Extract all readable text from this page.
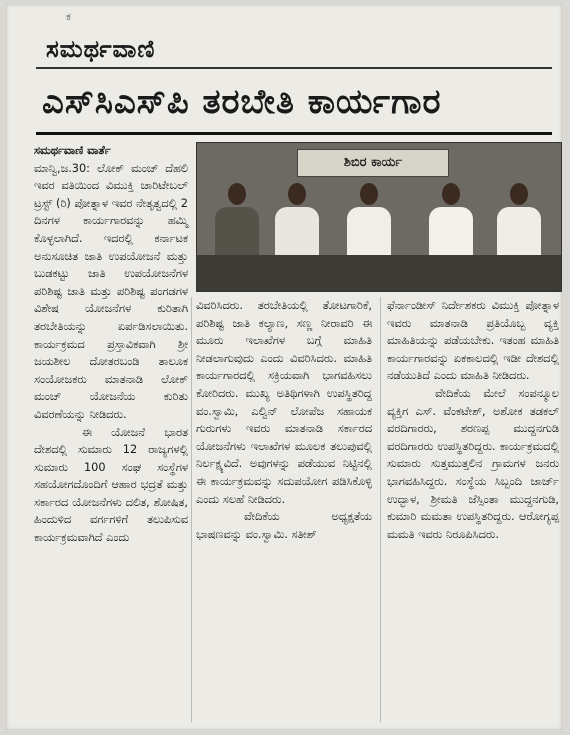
ಕ
ಸಮರ್ಥವಾಣಿ
ಎಸ್‌ಸಿಎಸ್‌ಪಿ ತರಬೇತಿ ಕಾರ್ಯಗಾರ

ಸಮರ್ಥವಾಣಿ ವಾರ್ತೆ

ಮಾನ್ವಿ,ಜ.30: ಲೋಕ್ ಮಂಚ್ ದೆಹಲಿ ಇವರ ವತಿಯಿಂದ ವಿಮುಕ್ತಿ ಚಾರಿಟೇಬಲ್ ಟ್ರಸ್ಟ್ (ರಿ) ಪೋತ್ನಾಳ ಇವರ ನೇತೃತ್ವದಲ್ಲಿ 2 ದಿನಗಳ ಕಾರ್ಯಗಾರವನ್ನು ಹಮ್ಮಿ ಕೊಳ್ಳಲಾಗಿದೆ. ಇದರಲ್ಲಿ ಕರ್ನಾಟಕ ಅನುಸೂಚಿತ ಜಾತಿ ಉಪಯೋಜನೆ ಮತ್ತು ಬುಡಕಟ್ಟು ಜಾತಿ ಉಪಯೋಜನೆಗಳ ಪರಿಶಿಷ್ಟ ಜಾತಿ ಮತ್ತು ಪರಿಶಿಷ್ಟ ಪಂಗಡಗಳ ವಿಶೇಷ ಯೋಜನೆಗಳ ಕುರಿತಾಗಿ ತರಬೇತಿಯನ್ನು ಏರ್ಪಡಿಸಲಾಯಿತು. ಕಾರ್ಯಕ್ರಮದ ಪ್ರಸ್ತಾವಿಕವಾಗಿ ಶ್ರೀ ಜಯಶೀಲ ದೋತರಬಂಡಿ ತಾಲೂಕ ಸಂಯೋಜಕರು ಮಾತನಾಡಿ ಲೋಕ್ ಮಂಚ್ ಯೋಜನೆಯ ಕುರಿತು ವಿವರಣೆಯನ್ನು ನೀಡಿದರು.

ಈ ಯೋಜನೆ ಭಾರತ ದೇಶದಲ್ಲಿ ಸುಮಾರು 12 ರಾಜ್ಯಗಳಲ್ಲಿ ಸುಮಾರು 100 ಸಂಘ ಸಂಸ್ಥೆಗಳ ಸಹಯೋಗದೊಂದಿಗೆ ಆಹಾರ ಭದ್ರತೆ ಮತ್ತು ಸರ್ಕಾರದ ಯೋಜನೆಗಳು ದಲಿತ, ಶೋಷಿತ, ಹಿಂದುಳಿದ ವರ್ಗಗಳಿಗೆ ತಲುಪಿಸುವ ಕಾರ್ಯಕ್ರಮವಾಗಿದೆ ಎಂದು

ಶಿಬಿರ ಕಾರ್ಯ

ವಿವರಿಸಿದರು. ತರಬೇತಿಯಲ್ಲಿ ತೋಟಗಾರಿಕೆ, ಪರಿಶಿಷ್ಟ ಜಾತಿ ಕಲ್ಯಾಣ, ಸಣ್ಣ ನೀರಾವರಿ ಈ ಮೂರು ಇಲಾಖೆಗಳ ಬಗ್ಗೆ ಮಾಹಿತಿ ನೀಡಲಾಗುವುದು ಎಂದು ವಿವರಿಸಿದರು. ಮಾಹಿತಿ ಕಾರ್ಯಗಾರದಲ್ಲಿ ಸಕ್ರಿಯವಾಗಿ ಭಾಗವಹಿಸಲು ಕೋರಿದರು. ಮುಖ್ಯ ಅತಿಥಿಗಳಾಗಿ ಉಪಸ್ಥಿತರಿದ್ದ ವಂ.ಸ್ವಾಮಿ, ಎಲ್ವಿನ್ ಲೋಪೆಜ ಸಹಾಯಕ ಗುರುಗಳು ಇವರು ಮಾತನಾಡಿ ಸರ್ಕಾರದ ಯೋಜನೆಗಳು ಇಲಾಖೆಗಳ ಮೂಲಕ ತಲುಪುವಲ್ಲಿ ನಿರ್ಲಕ್ಷ್ಯವಿದೆ. ಅವುಗಳನ್ನು ಪಡೆಯುವ ನಿಟ್ಟಿನಲ್ಲಿ ಈ ಕಾರ್ಯಕ್ರಮವನ್ನು ಸದುಪಯೋಗ ಪಡಿಸಿಕೊಳ್ಳಿ ಎಂದು ಸಲಹೆ ನೀಡಿದರು.

ವೇದಿಕೆಯ ಅಧ್ಯಕ್ಷತೆಯ ಭಾಷಣವನ್ನು ವಂ.ಸ್ವಾಮಿ. ಸತೀಶ್

ಫೆರ್ನಾಂಡೀಸ್ ನಿರ್ದೇಶಕರು ವಿಮುಕ್ತಿ ಪೋತ್ನಾಳ ಇವರು ಮಾತನಾಡಿ ಪ್ರತಿಯೊಬ್ಬ ವ್ಯಕ್ತಿ ಮಾಹಿತಿಯನ್ನು ಪಡೆಯಬೇಕು. ಇತಂಹ ಮಾಹಿತಿ ಕಾರ್ಯಗಾರವನ್ನು ಏಕಕಾಲದಲ್ಲಿ ಇಡೀ ದೇಶದಲ್ಲಿ ನಡೆಯುತಿದೆ ಎಂದು ಮಾಹಿತಿ ನೀಡಿದರು.

ವೇದಿಕೆಯ ಮೇಲೆ ಸಂಪನ್ಮೂಲ ವ್ಯಕ್ತಿಗ ಎಸ್. ವೆಂಕಟೇಶ್, ಅಶೋಕ ತಡಕಲ್ ವರದಿಗಾರರು, ಶರಣಪ್ಪ ಮುದ್ದನಗುಡಿ ವರದಿಗಾರರು ಉಪಸ್ಥಿತರಿದ್ದರು. ಕಾರ್ಯಕ್ರಮದಲ್ಲಿ ಸುಮಾರು ಸುತ್ತಮುತ್ತಲಿನ ಗ್ರಾಮಗಳ ಜನರು ಭಾಗವಹಿಸಿದ್ದರು. ಸಂಸ್ಥೆಯ ಸಿಬ್ಬಂದಿ ಜಾರ್ಜ್ ಉದ್ಭಾಳ, ಶ್ರೀಮತಿ ಜೆಸ್ಸಿಂತಾ ಮುದ್ದನಗುಡಿ, ಕುಮಾರಿ ಮಮತಾ ಉಪಸ್ಥಿತರಿದ್ದರು. ಆರೋಗ್ಯಪ್ಪ ಮಮತಿ ಇವರು ನಿರೂಪಿಸಿದರು.
